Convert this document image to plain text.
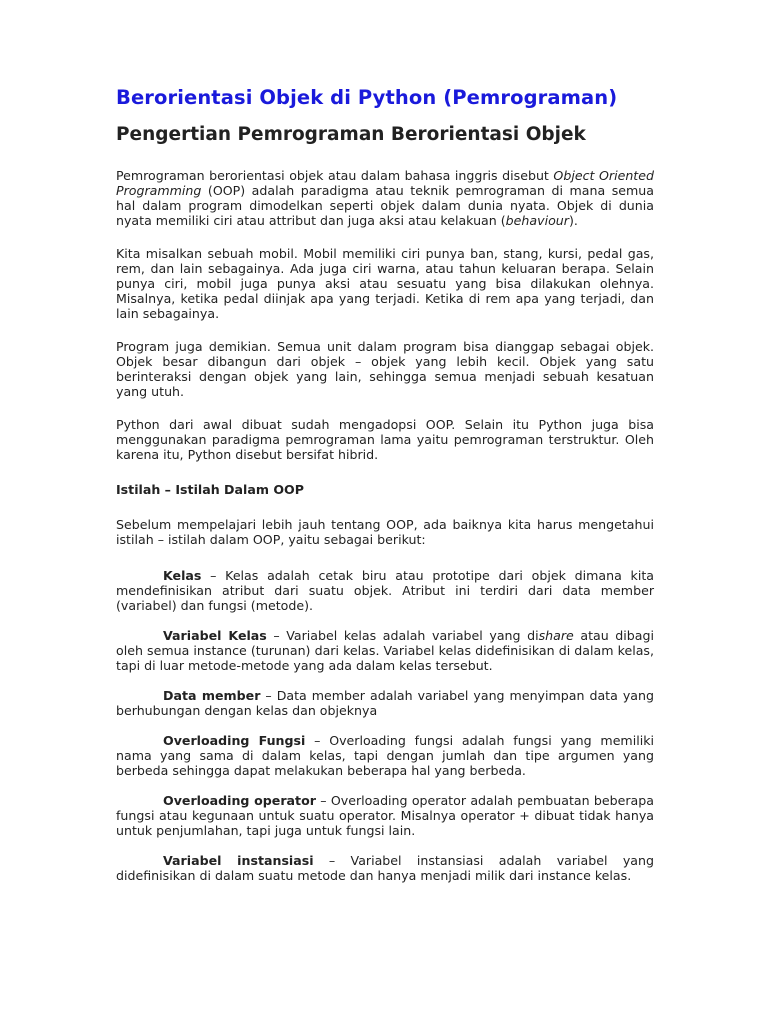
Berorientasi Objek di Python (Pemrograman)
Pengertian Pemrograman Berorientasi Objek

Pemrograman berorientasi objek atau dalam bahasa inggris disebut Object Oriented Programming (OOP) adalah paradigma atau teknik pemrograman di mana semua hal dalam program dimodelkan seperti objek dalam dunia nyata. Objek di dunia nyata memiliki ciri atau attribut dan juga aksi atau kelakuan (behaviour).

Kita misalkan sebuah mobil. Mobil memiliki ciri punya ban, stang, kursi, pedal gas, rem, dan lain sebagainya. Ada juga ciri warna, atau tahun keluaran berapa. Selain punya ciri, mobil juga punya aksi atau sesuatu yang bisa dilakukan olehnya. Misalnya, ketika pedal diinjak apa yang terjadi. Ketika di rem apa yang terjadi, dan lain sebagainya.

Program juga demikian. Semua unit dalam program bisa dianggap sebagai objek. Objek besar dibangun dari objek – objek yang lebih kecil. Objek yang satu berinteraksi dengan objek yang lain, sehingga semua menjadi sebuah kesatuan yang utuh.

Python dari awal dibuat sudah mengadopsi OOP. Selain itu Python juga bisa menggunakan paradigma pemrograman lama yaitu pemrograman terstruktur. Oleh karena itu, Python disebut bersifat hibrid.

Istilah – Istilah Dalam OOP

Sebelum mempelajari lebih jauh tentang OOP, ada baiknya kita harus mengetahui istilah – istilah dalam OOP, yaitu sebagai berikut:

Kelas – Kelas adalah cetak biru atau prototipe dari objek dimana kita mendefinisikan atribut dari suatu objek. Atribut ini terdiri dari data member (variabel) dan fungsi (metode).

Variabel Kelas – Variabel kelas adalah variabel yang dishare atau dibagi oleh semua instance (turunan) dari kelas. Variabel kelas didefinisikan di dalam kelas, tapi di luar metode-metode yang ada dalam kelas tersebut.

Data member – Data member adalah variabel yang menyimpan data yang berhubungan dengan kelas dan objeknya

Overloading Fungsi – Overloading fungsi adalah fungsi yang memiliki nama yang sama di dalam kelas, tapi dengan jumlah dan tipe argumen yang berbeda sehingga dapat melakukan beberapa hal yang berbeda.

Overloading operator – Overloading operator adalah pembuatan beberapa fungsi atau kegunaan untuk suatu operator. Misalnya operator + dibuat tidak hanya untuk penjumlahan, tapi juga untuk fungsi lain.

Variabel instansiasi – Variabel instansiasi adalah variabel yang didefinisikan di dalam suatu metode dan hanya menjadi milik dari instance kelas.
